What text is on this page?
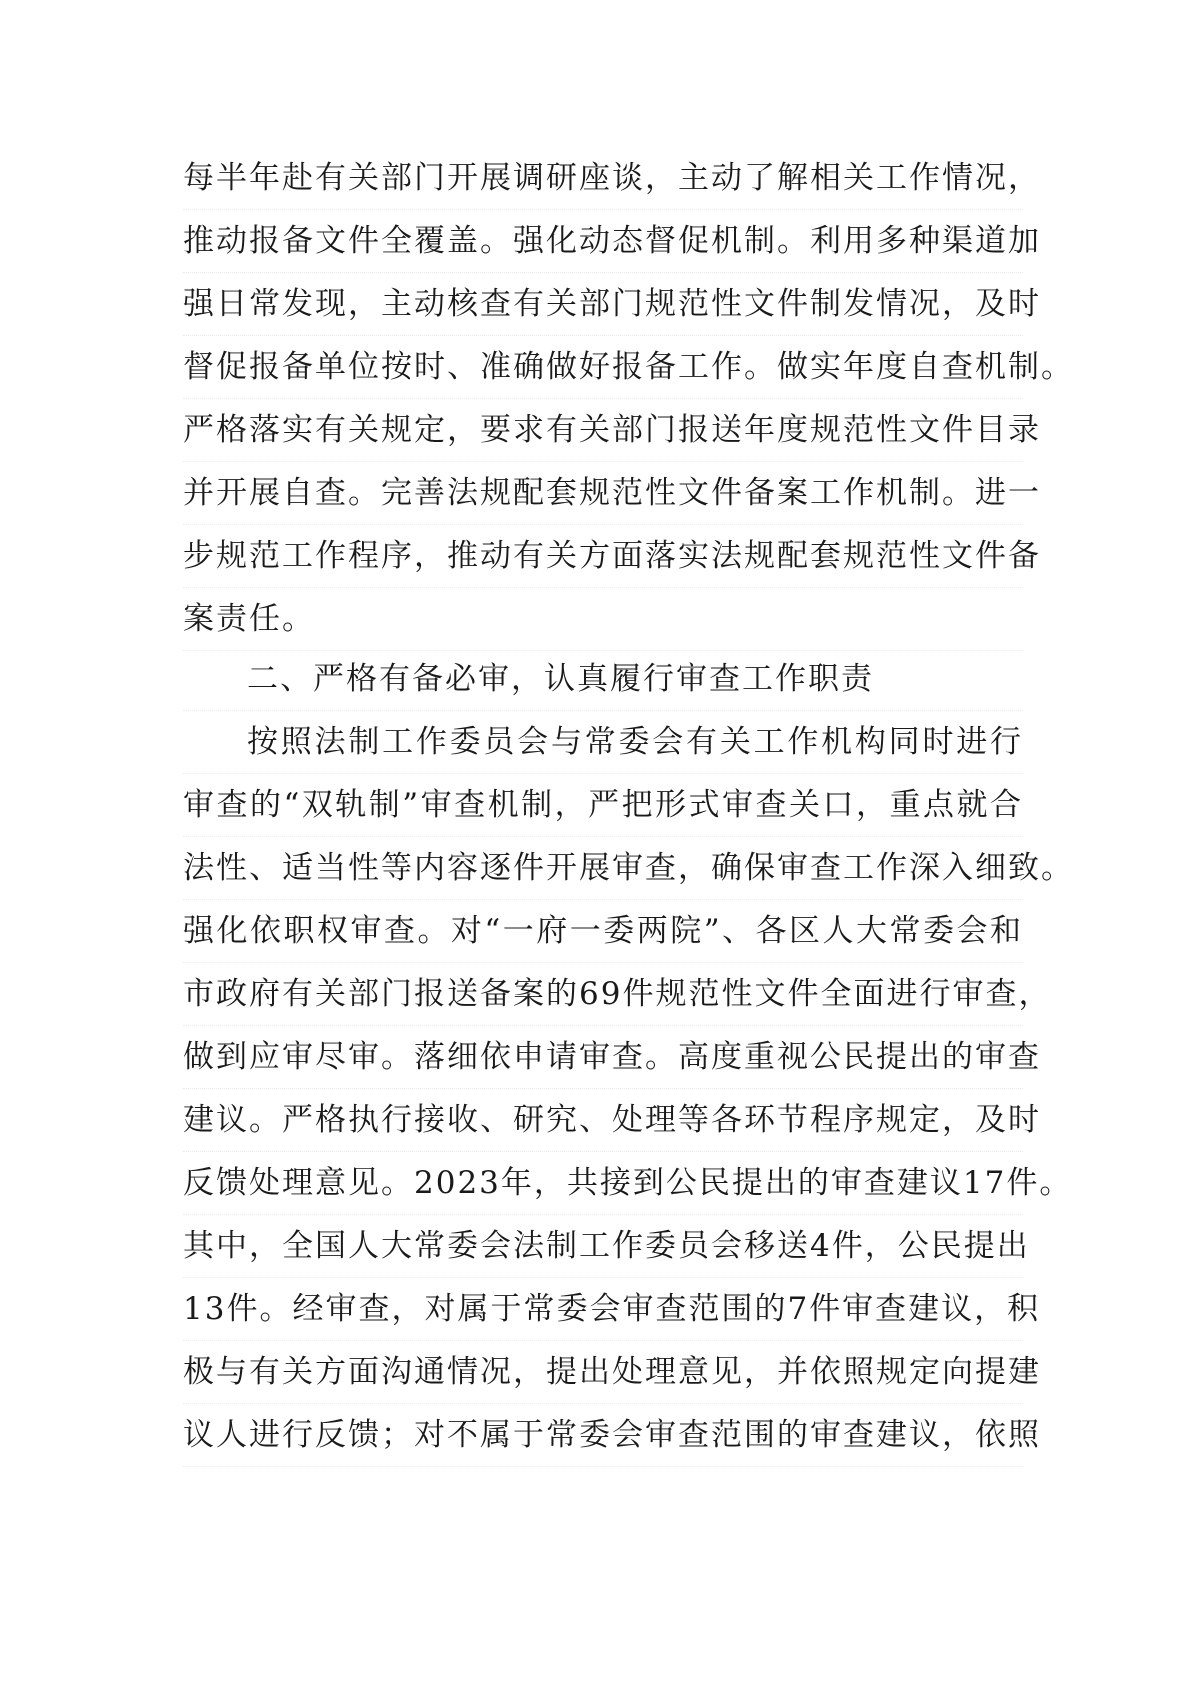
每半年赴有关部门开展调研座谈，主动了解相关工作情况，
推动报备文件全覆盖。强化动态督促机制。利用多种渠道加
强日常发现，主动核查有关部门规范性文件制发情况，及时
督促报备单位按时、准确做好报备工作。做实年度自查机制。
严格落实有关规定，要求有关部门报送年度规范性文件目录
并开展自查。完善法规配套规范性文件备案工作机制。进一
步规范工作程序，推动有关方面落实法规配套规范性文件备
案责任。
二、严格有备必审，认真履行审查工作职责
按照法制工作委员会与常委会有关工作机构同时进行
审查的“双轨制”审查机制，严把形式审查关口，重点就合
法性、适当性等内容逐件开展审查，确保审查工作深入细致。
强化依职权审查。对“一府一委两院”、各区人大常委会和
市政府有关部门报送备案的69件规范性文件全面进行审查，
做到应审尽审。落细依申请审查。高度重视公民提出的审查
建议。严格执行接收、研究、处理等各环节程序规定，及时
反馈处理意见。2023年，共接到公民提出的审查建议17件。
其中，全国人大常委会法制工作委员会移送4件，公民提出
13件。经审查，对属于常委会审查范围的7件审查建议，积
极与有关方面沟通情况，提出处理意见，并依照规定向提建
议人进行反馈；对不属于常委会审查范围的审查建议，依照
